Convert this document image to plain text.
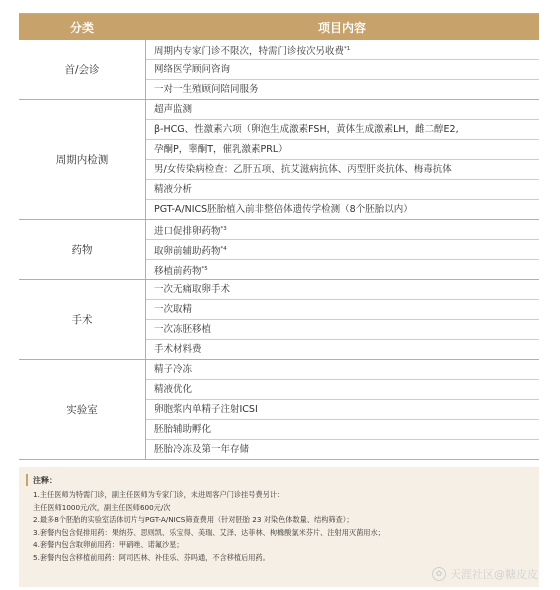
分类	项目内容
首/会诊
周期内专家门诊不限次，特需门诊按次另收费$^{*1}$
网络医学顾问咨询
一对一生殖顾问陪同服务
周期内检测
超声监测
β-HCG、性激素六项（卵泡生成激素FSH，黄体生成激素LH，雌二醇E2,
孕酮P，睾酮T，催乳激素PRL）
男/女传染病检查：乙肝五项、抗艾滋病抗体、丙型肝炎抗体、梅毒抗体
精液分析
PGT-A/NICS胚胎植入前非整倍体遗传学检测（8个胚胎以内）
药物
进口促排卵药物$^{*3}$
取卵前辅助药物$^{*4}$
移植前药物$^{*5}$
手术
一次无痛取卵手术
一次取精
一次冻胚移植
手术材料费
实验室
精子冷冻
精液优化
卵胞浆内单精子注射ICSI
胚胎辅助孵化
胚胎冷冻及第一年存储
注释：
1.主任医师为特需门诊，副主任医师为专家门诊，未进周客户门诊挂号费另计：
主任医师1000元/次，副主任医师600元/次
2.最多8个胚胎的实验室活体切片与PGT-A/NICS筛查费用（针对胚胎 23 对染色体数量、结构筛查）；
3.套餐内包含促排用药：果纳芬、思则凯、乐宝得、美瑞、艾泽、达菲林、枸橼酸氯米芬片、注射用灭菌用水；
4.套餐内包含取卵前用药：甲硝唑、诺氟沙星；
5.套餐内包含移植前用药：阿司匹林、补佳乐、芬吗通，不含移植后用药。
✿ 天涯社区@糖皮皮
